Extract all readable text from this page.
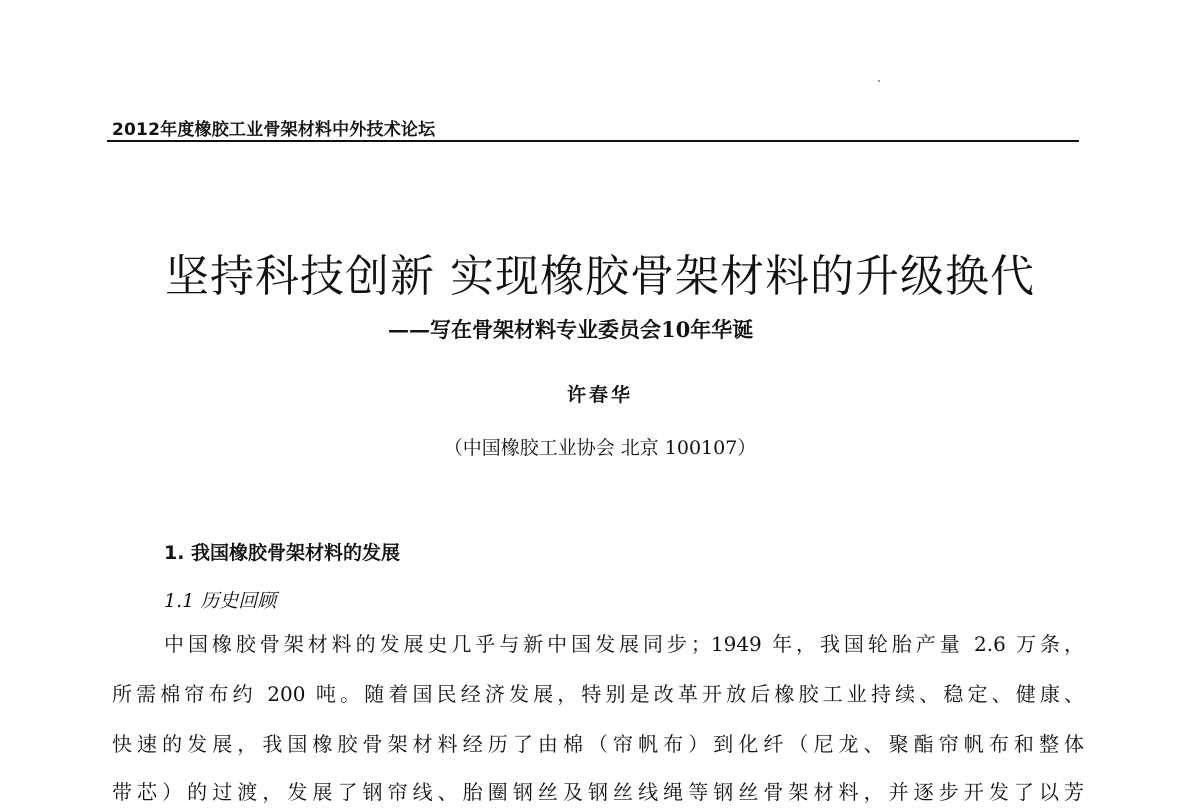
2012年度橡胶工业骨架材料中外技术论坛
坚持科技创新 实现橡胶骨架材料的升级换代
——写在骨架材料专业委员会10年华诞
许春华
（中国橡胶工业协会 北京 100107）
1. 我国橡胶骨架材料的发展
1.1 历史回顾
中国橡胶骨架材料的发展史几乎与新中国发展同步；1949 年，我国轮胎产量 2.6 万条，
所需棉帘布约 200 吨。随着国民经济发展，特别是改革开放后橡胶工业持续、稳定、健康、
快速的发展，我国橡胶骨架材料经历了由棉（帘帆布）到化纤（尼龙、聚酯帘帆布和整体
带芯）的过渡，发展了钢帘线、胎圈钢丝及钢丝线绳等钢丝骨架材料，并逐步开发了以芳
